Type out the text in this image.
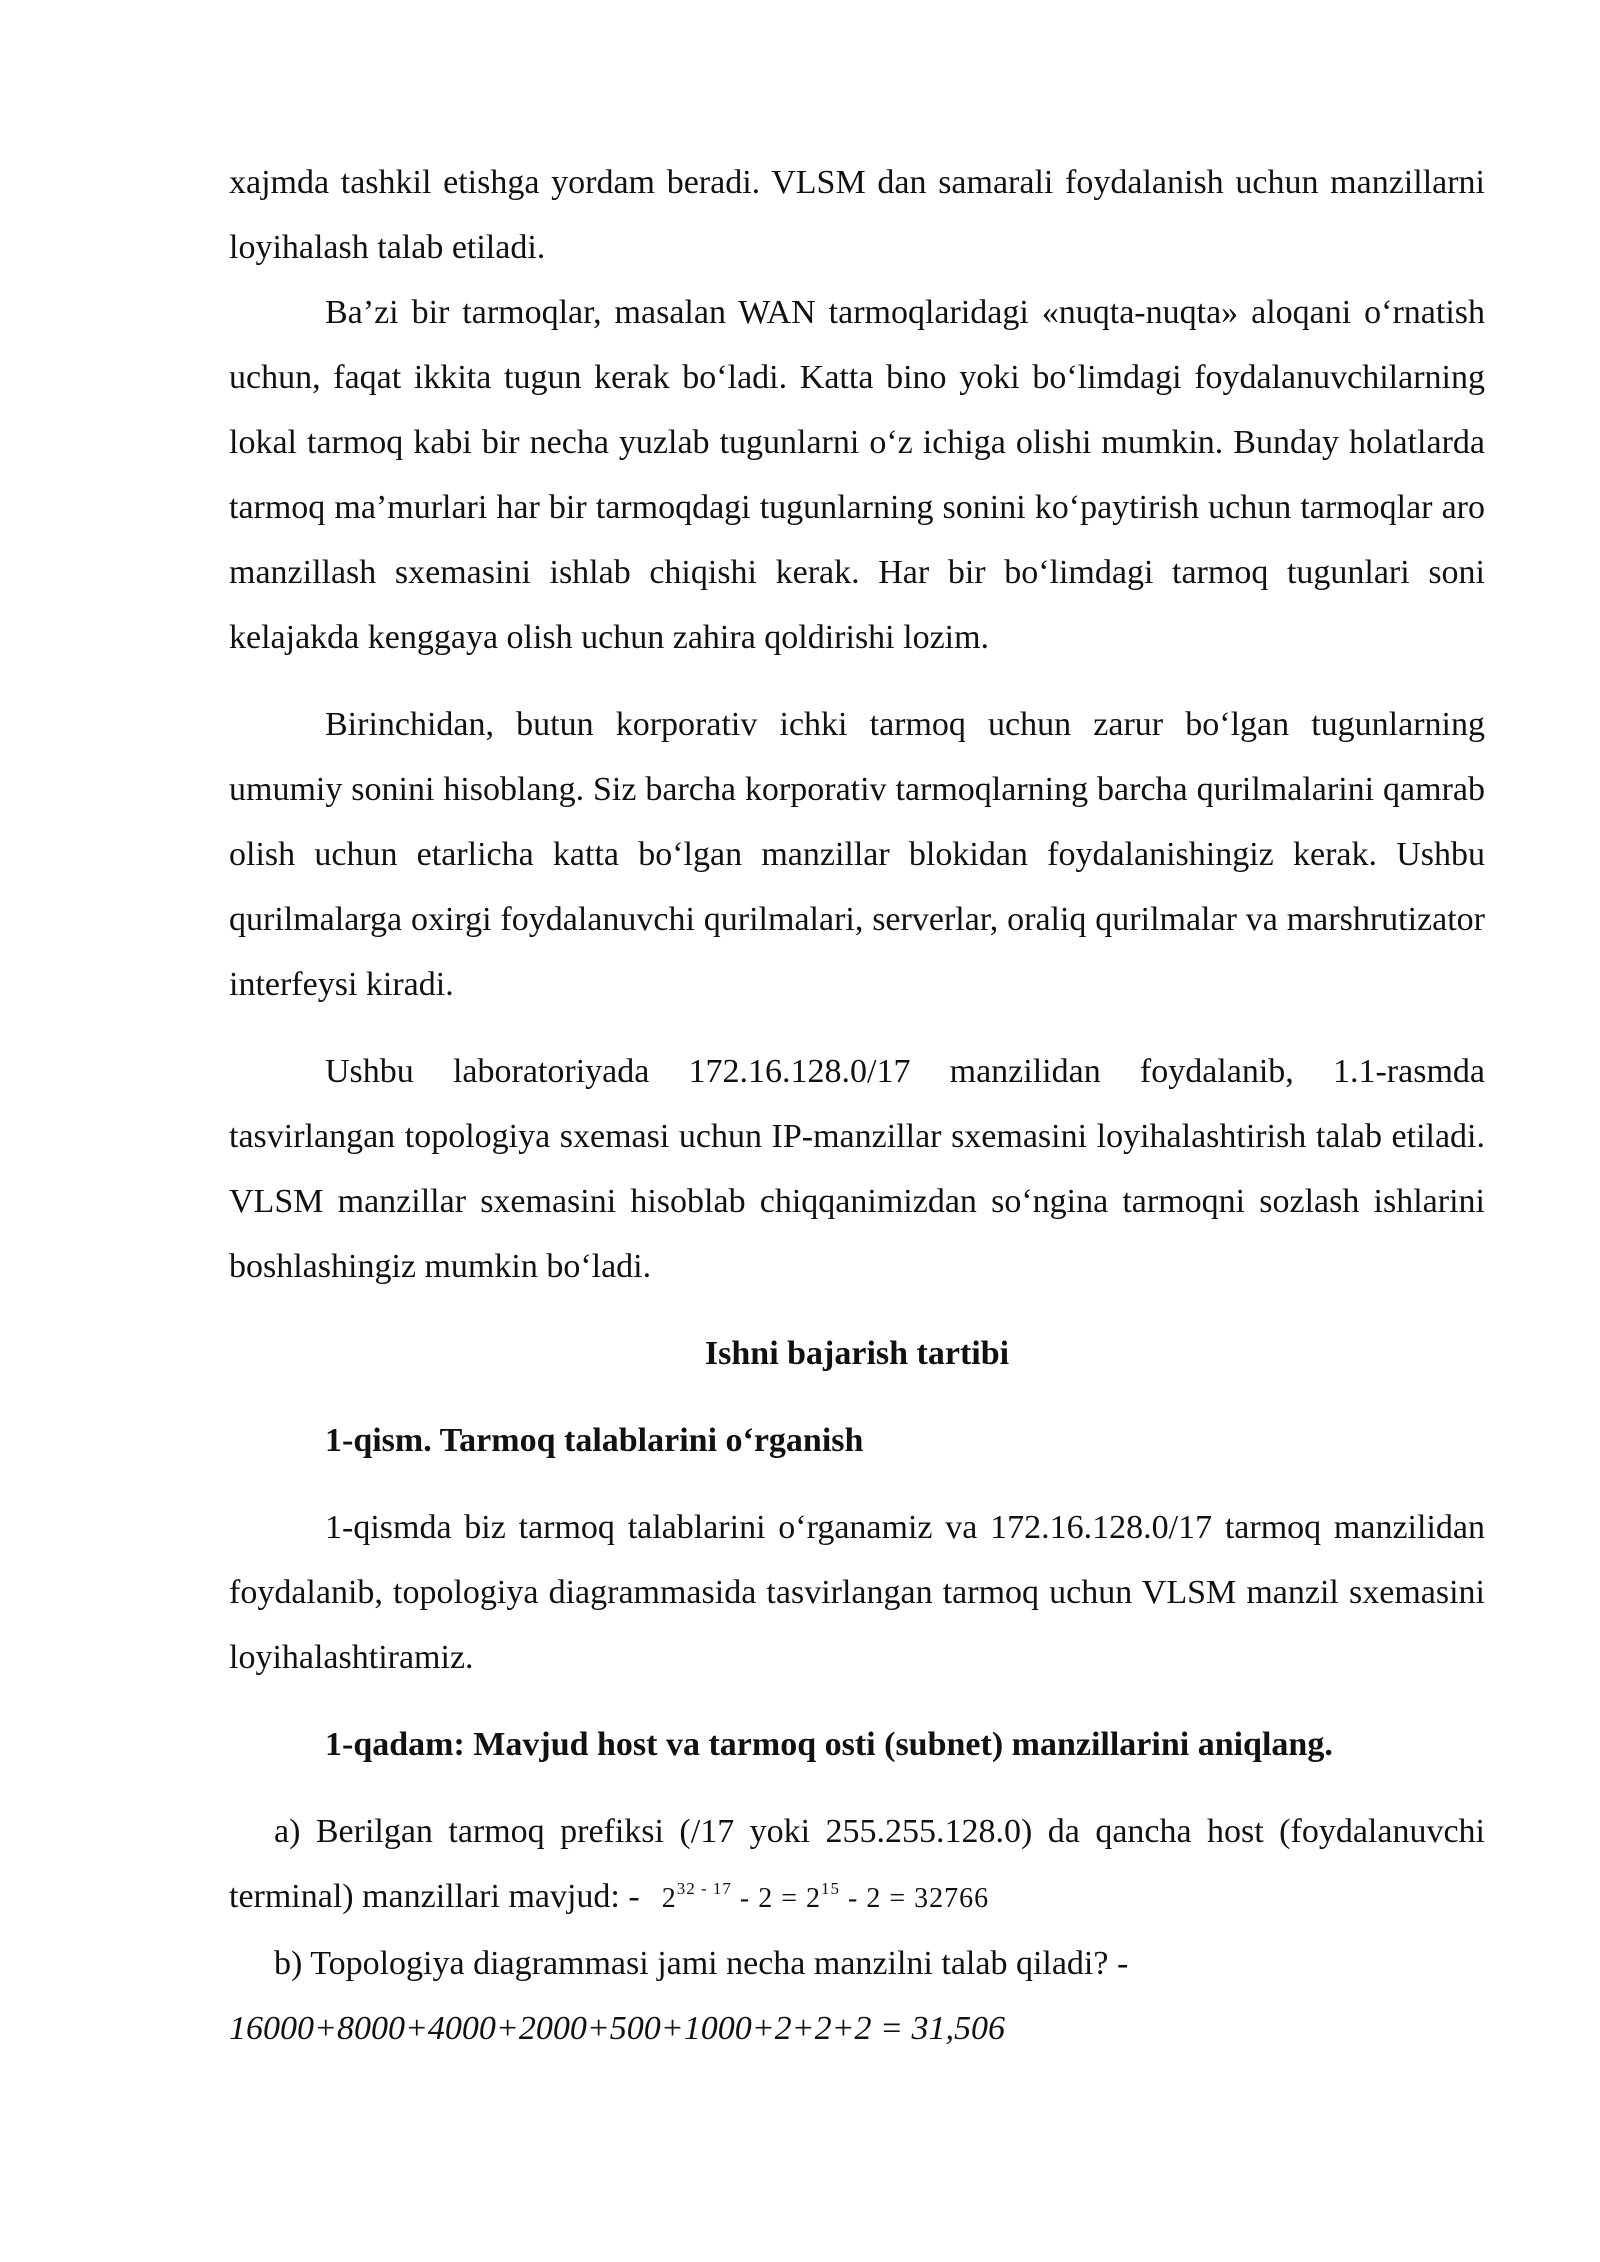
xajmda tashkil etishga yordam beradi. VLSM dan samarali foydalanish uchun manzillarni loyihalash talab etiladi.

Ba’zi bir tarmoqlar, masalan WAN tarmoqlaridagi «nuqta-nuqta» aloqani o‘rnatish uchun, faqat ikkita tugun kerak bo‘ladi. Katta bino yoki bo‘limdagi foydalanuvchilarning lokal tarmoq kabi bir necha yuzlab tugunlarni o‘z ichiga olishi mumkin. Bunday holatlarda tarmoq ma’murlari har bir tarmoqdagi tugunlarning sonini ko‘paytirish uchun tarmoqlar aro manzillash sxemasini ishlab chiqishi kerak. Har bir bo‘limdagi tarmoq tugunlari soni kelajakda kenggaya olish uchun zahira qoldirishi lozim.

Birinchidan, butun korporativ ichki tarmoq uchun zarur bo‘lgan tugunlarning umumiy sonini hisoblang. Siz barcha korporativ tarmoqlarning barcha qurilmalarini qamrab olish uchun etarlicha katta bo‘lgan manzillar blokidan foydalanishingiz kerak. Ushbu qurilmalarga oxirgi foydalanuvchi qurilmalari, serverlar, oraliq qurilmalar va marshrutizator interfeysi kiradi.

Ushbu laboratoriyada 172.16.128.0/17 manzilidan foydalanib, 1.1-rasmda tasvirlangan topologiya sxemasi uchun IP-manzillar sxemasini loyihalashtirish talab etiladi. VLSM manzillar sxemasini hisoblab chiqqanimizdan so‘ngina tarmoqni sozlash ishlarini boshlashingiz mumkin bo‘ladi.

Ishni bajarish tartibi

1-qism. Tarmoq talablarini o‘rganish

1-qismda biz tarmoq talablarini o‘rganamiz va 172.16.128.0/17 tarmoq manzilidan foydalanib, topologiya diagrammasida tasvirlangan tarmoq uchun VLSM manzil sxemasini loyihalashtiramiz.

1-qadam: Mavjud host va tarmoq osti (subnet) manzillarini aniqlang.

a) Berilgan tarmoq prefiksi (/17 yoki 255.255.128.0) da qancha host (foydalanuvchi terminal) manzillari mavjud: - $2^{32 - 17} - 2 = 2^{15} - 2 = 32766$

b) Topologiya diagrammasi jami necha manzilni talab qiladi? -

16000+8000+4000+2000+500+1000+2+2+2 = 31,506
